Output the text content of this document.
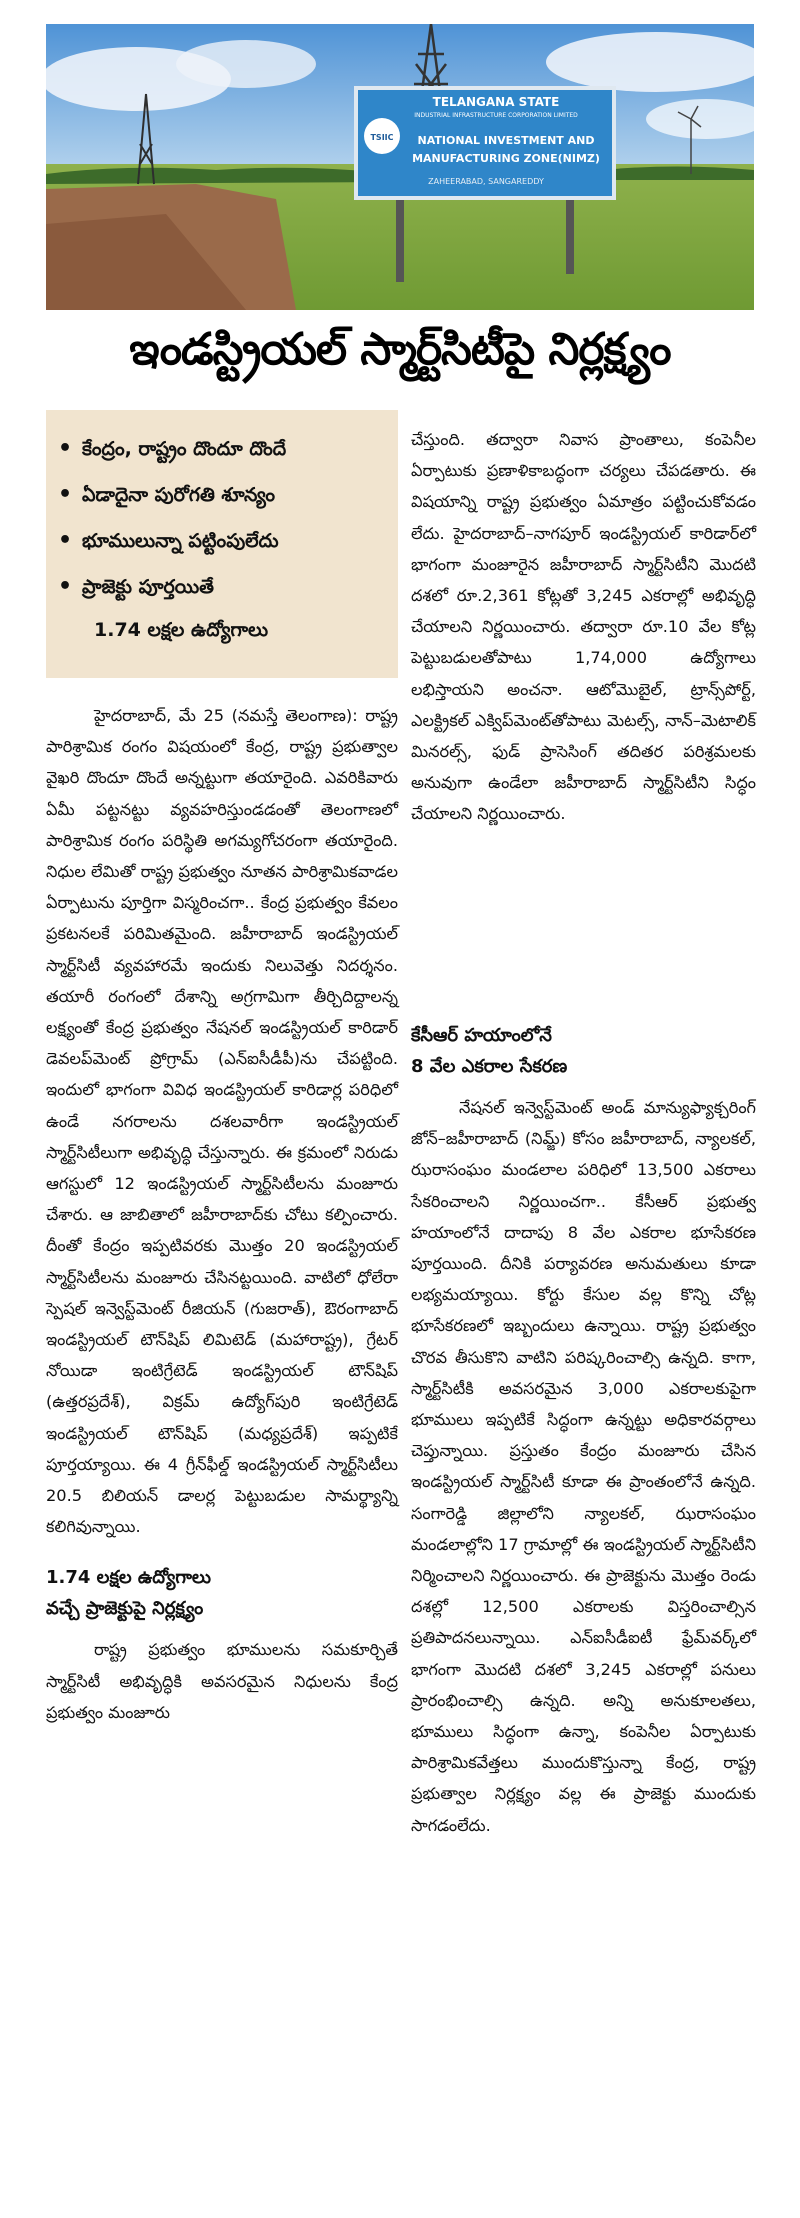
TELANGANA STATE
INDUSTRIAL INFRASTRUCTURE CORPORATION LIMITED
TSIIC NATIONAL INVESTMENT AND
MANUFACTURING ZONE(NIMZ)
ZAHEERABAD, SANGAREDDY
ఇండస్ట్రియల్ స్మార్ట్‌సిటీపై నిర్లక్ష్యం
• కేంద్రం, రాష్ట్రం దొందూ దొందే
• ఏడాదైనా పురోగతి శూన్యం
• భూములున్నా పట్టింపులేదు
• ప్రాజెక్టు పూర్తయితే
1.74 లక్షల ఉద్యోగాలు

హైదరాబాద్, మే 25 (నమస్తే తెలంగాణ): రాష్ట్ర పారిశ్రామిక రంగం విషయంలో కేంద్ర, రాష్ట్ర ప్రభుత్వాల వైఖరి దొందూ దొందే అన్నట్టుగా తయారైంది. ఎవరికివారు ఏమీ పట్టనట్టు వ్యవహరిస్తుండడంతో తెలంగాణలో పారిశ్రామిక రంగం పరిస్థితి అగమ్యగోచరంగా తయారైంది. నిధుల లేమితో రాష్ట్ర ప్రభుత్వం నూతన పారిశ్రామికవాడల ఏర్పాటును పూర్తిగా విస్మరించగా.. కేంద్ర ప్రభుత్వం కేవలం ప్రకటనలకే పరిమితమైంది. జహీరాబాద్ ఇండస్ట్రియల్ స్మార్ట్‌సిటీ వ్యవహారమే ఇందుకు నిలువెత్తు నిదర్శనం. తయారీ రంగంలో దేశాన్ని అగ్రగామిగా తీర్చిదిద్దాలన్న లక్ష్యంతో కేంద్ర ప్రభుత్వం నేషనల్ ఇండస్ట్రియల్ కారిడార్ డెవలప్‌మెంట్ ప్రోగ్రామ్ (ఎన్‌ఐసీడీపీ)ను చేపట్టింది. ఇందులో భాగంగా వివిధ ఇండస్ట్రియల్ కారిడార్ల పరిధిలో ఉండే నగరాలను దశలవారీగా ఇండస్ట్రియల్ స్మార్ట్‌సిటీలుగా అభివృద్ధి చేస్తున్నారు. ఈ క్రమంలో నిరుడు ఆగస్టులో 12 ఇండస్ట్రియల్ స్మార్ట్‌సిటీలను మంజూరు చేశారు. ఆ జాబితాలో జహీరాబాద్‌కు చోటు కల్పించారు. దీంతో కేంద్రం ఇప్పటివరకు మొత్తం 20 ఇండస్ట్రియల్ స్మార్ట్‌సిటీలను మంజూరు చేసినట్టయింది. వాటిలో ధోలేరా స్పెషల్ ఇన్వెస్ట్‌మెంట్ రీజియన్ (గుజరాత్), ఔరంగాబాద్ ఇండస్ట్రియల్ టౌన్‌షిప్ లిమిటెడ్ (మహారాష్ట్ర), గ్రేటర్ నోయిడా ఇంటిగ్రేటెడ్ ఇండస్ట్రియల్ టౌన్‌షిప్ (ఉత్తరప్రదేశ్), విక్రమ్ ఉద్యోగ్‌పురి ఇంటిగ్రేటెడ్ ఇండస్ట్రియల్ టౌన్‌షిప్ (మధ్యప్రదేశ్) ఇప్పటికే పూర్తయ్యాయి. ఈ 4 గ్రీన్‌ఫీల్డ్ ఇండస్ట్రియల్ స్మార్ట్‌సిటీలు 20.5 బిలియన్ డాలర్ల పెట్టుబడుల సామర్థ్యాన్ని కలిగివున్నాయి.

1.74 లక్షల ఉద్యోగాలు
వచ్చే ప్రాజెక్టుపై నిర్లక్ష్యం

రాష్ట్ర ప్రభుత్వం భూములను సమకూర్చితే స్మార్ట్‌సిటీ అభివృద్ధికి అవసరమైన నిధులను కేంద్ర ప్రభుత్వం మంజూరు

చేస్తుంది. తద్వారా నివాస ప్రాంతాలు, కంపెనీల ఏర్పాటుకు ప్రణాళికాబద్ధంగా చర్యలు చేపడతారు. ఈ విషయాన్ని రాష్ట్ర ప్రభుత్వం ఏమాత్రం పట్టించుకోవడం లేదు. హైదరాబాద్–నాగపూర్ ఇండస్ట్రియల్ కారిడార్‌లో భాగంగా మంజూరైన జహీరాబాద్ స్మార్ట్‌సిటీని మొదటి దశలో రూ.2,361 కోట్లతో 3,245 ఎకరాల్లో అభివృద్ధి చేయాలని నిర్ణయించారు. తద్వారా రూ.10 వేల కోట్ల పెట్టుబడులతోపాటు 1,74,000 ఉద్యోగాలు లభిస్తాయని అంచనా. ఆటోమొబైల్, ట్రాన్స్‌పోర్ట్, ఎలక్ట్రికల్ ఎక్విప్‌మెంట్‌తోపాటు మెటల్స్, నాన్–మెటాలిక్ మినరల్స్, ఫుడ్ ప్రాసెసింగ్ తదితర పరిశ్రమలకు అనువుగా ఉండేలా జహీరాబాద్ స్మార్ట్‌సిటీని సిద్ధం చేయాలని నిర్ణయించారు.

కేసీఆర్ హయాంలోనే
8 వేల ఎకరాల సేకరణ

నేషనల్ ఇన్వెస్ట్‌మెంట్ అండ్ మాన్యుఫ్యాక్చరింగ్ జోన్–జహీరాబాద్ (నిమ్జ్) కోసం జహీరాబాద్, న్యాలకల్, ఝరాసంఘం మండలాల పరిధిలో 13,500 ఎకరాలు సేకరించాలని నిర్ణయించగా.. కేసీఆర్ ప్రభుత్వ హయాంలోనే దాదాపు 8 వేల ఎకరాల భూసేకరణ పూర్తయింది. దీనికి పర్యావరణ అనుమతులు కూడా లభ్యమయ్యాయి. కోర్టు కేసుల వల్ల కొన్ని చోట్ల భూసేకరణలో ఇబ్బందులు ఉన్నాయి. రాష్ట్ర ప్రభుత్వం చొరవ తీసుకొని వాటిని పరిష్కరించాల్సి ఉన్నది. కాగా, స్మార్ట్‌సిటీకి అవసరమైన 3,000 ఎకరాలకుపైగా భూములు ఇప్పటికే సిద్ధంగా ఉన్నట్టు అధికారవర్గాలు చెప్తున్నాయి. ప్రస్తుతం కేంద్రం మంజూరు చేసిన ఇండస్ట్రియల్ స్మార్ట్‌సిటీ కూడా ఈ ప్రాంతంలోనే ఉన్నది. సంగారెడ్డి జిల్లాలోని న్యాలకల్, ఝరాసంఘం మండలాల్లోని 17 గ్రామాల్లో ఈ ఇండస్ట్రియల్ స్మార్ట్‌సిటీని నిర్మించాలని నిర్ణయించారు. ఈ ప్రాజెక్టును మొత్తం రెండు దశల్లో 12,500 ఎకరాలకు విస్తరించాల్సిన ప్రతిపాదనలున్నాయి. ఎన్‌ఐసీడీఐటీ ఫ్రేమ్‌వర్క్‌లో భాగంగా మొదటి దశలో 3,245 ఎకరాల్లో పనులు ప్రారంభించాల్సి ఉన్నది. అన్ని అనుకూలతలు, భూములు సిద్ధంగా ఉన్నా, కంపెనీల ఏర్పాటుకు పారిశ్రామికవేత్తలు ముందుకొస్తున్నా కేంద్ర, రాష్ట్ర ప్రభుత్వాల నిర్లక్ష్యం వల్ల ఈ ప్రాజెక్టు ముందుకు సాగడంలేదు.
